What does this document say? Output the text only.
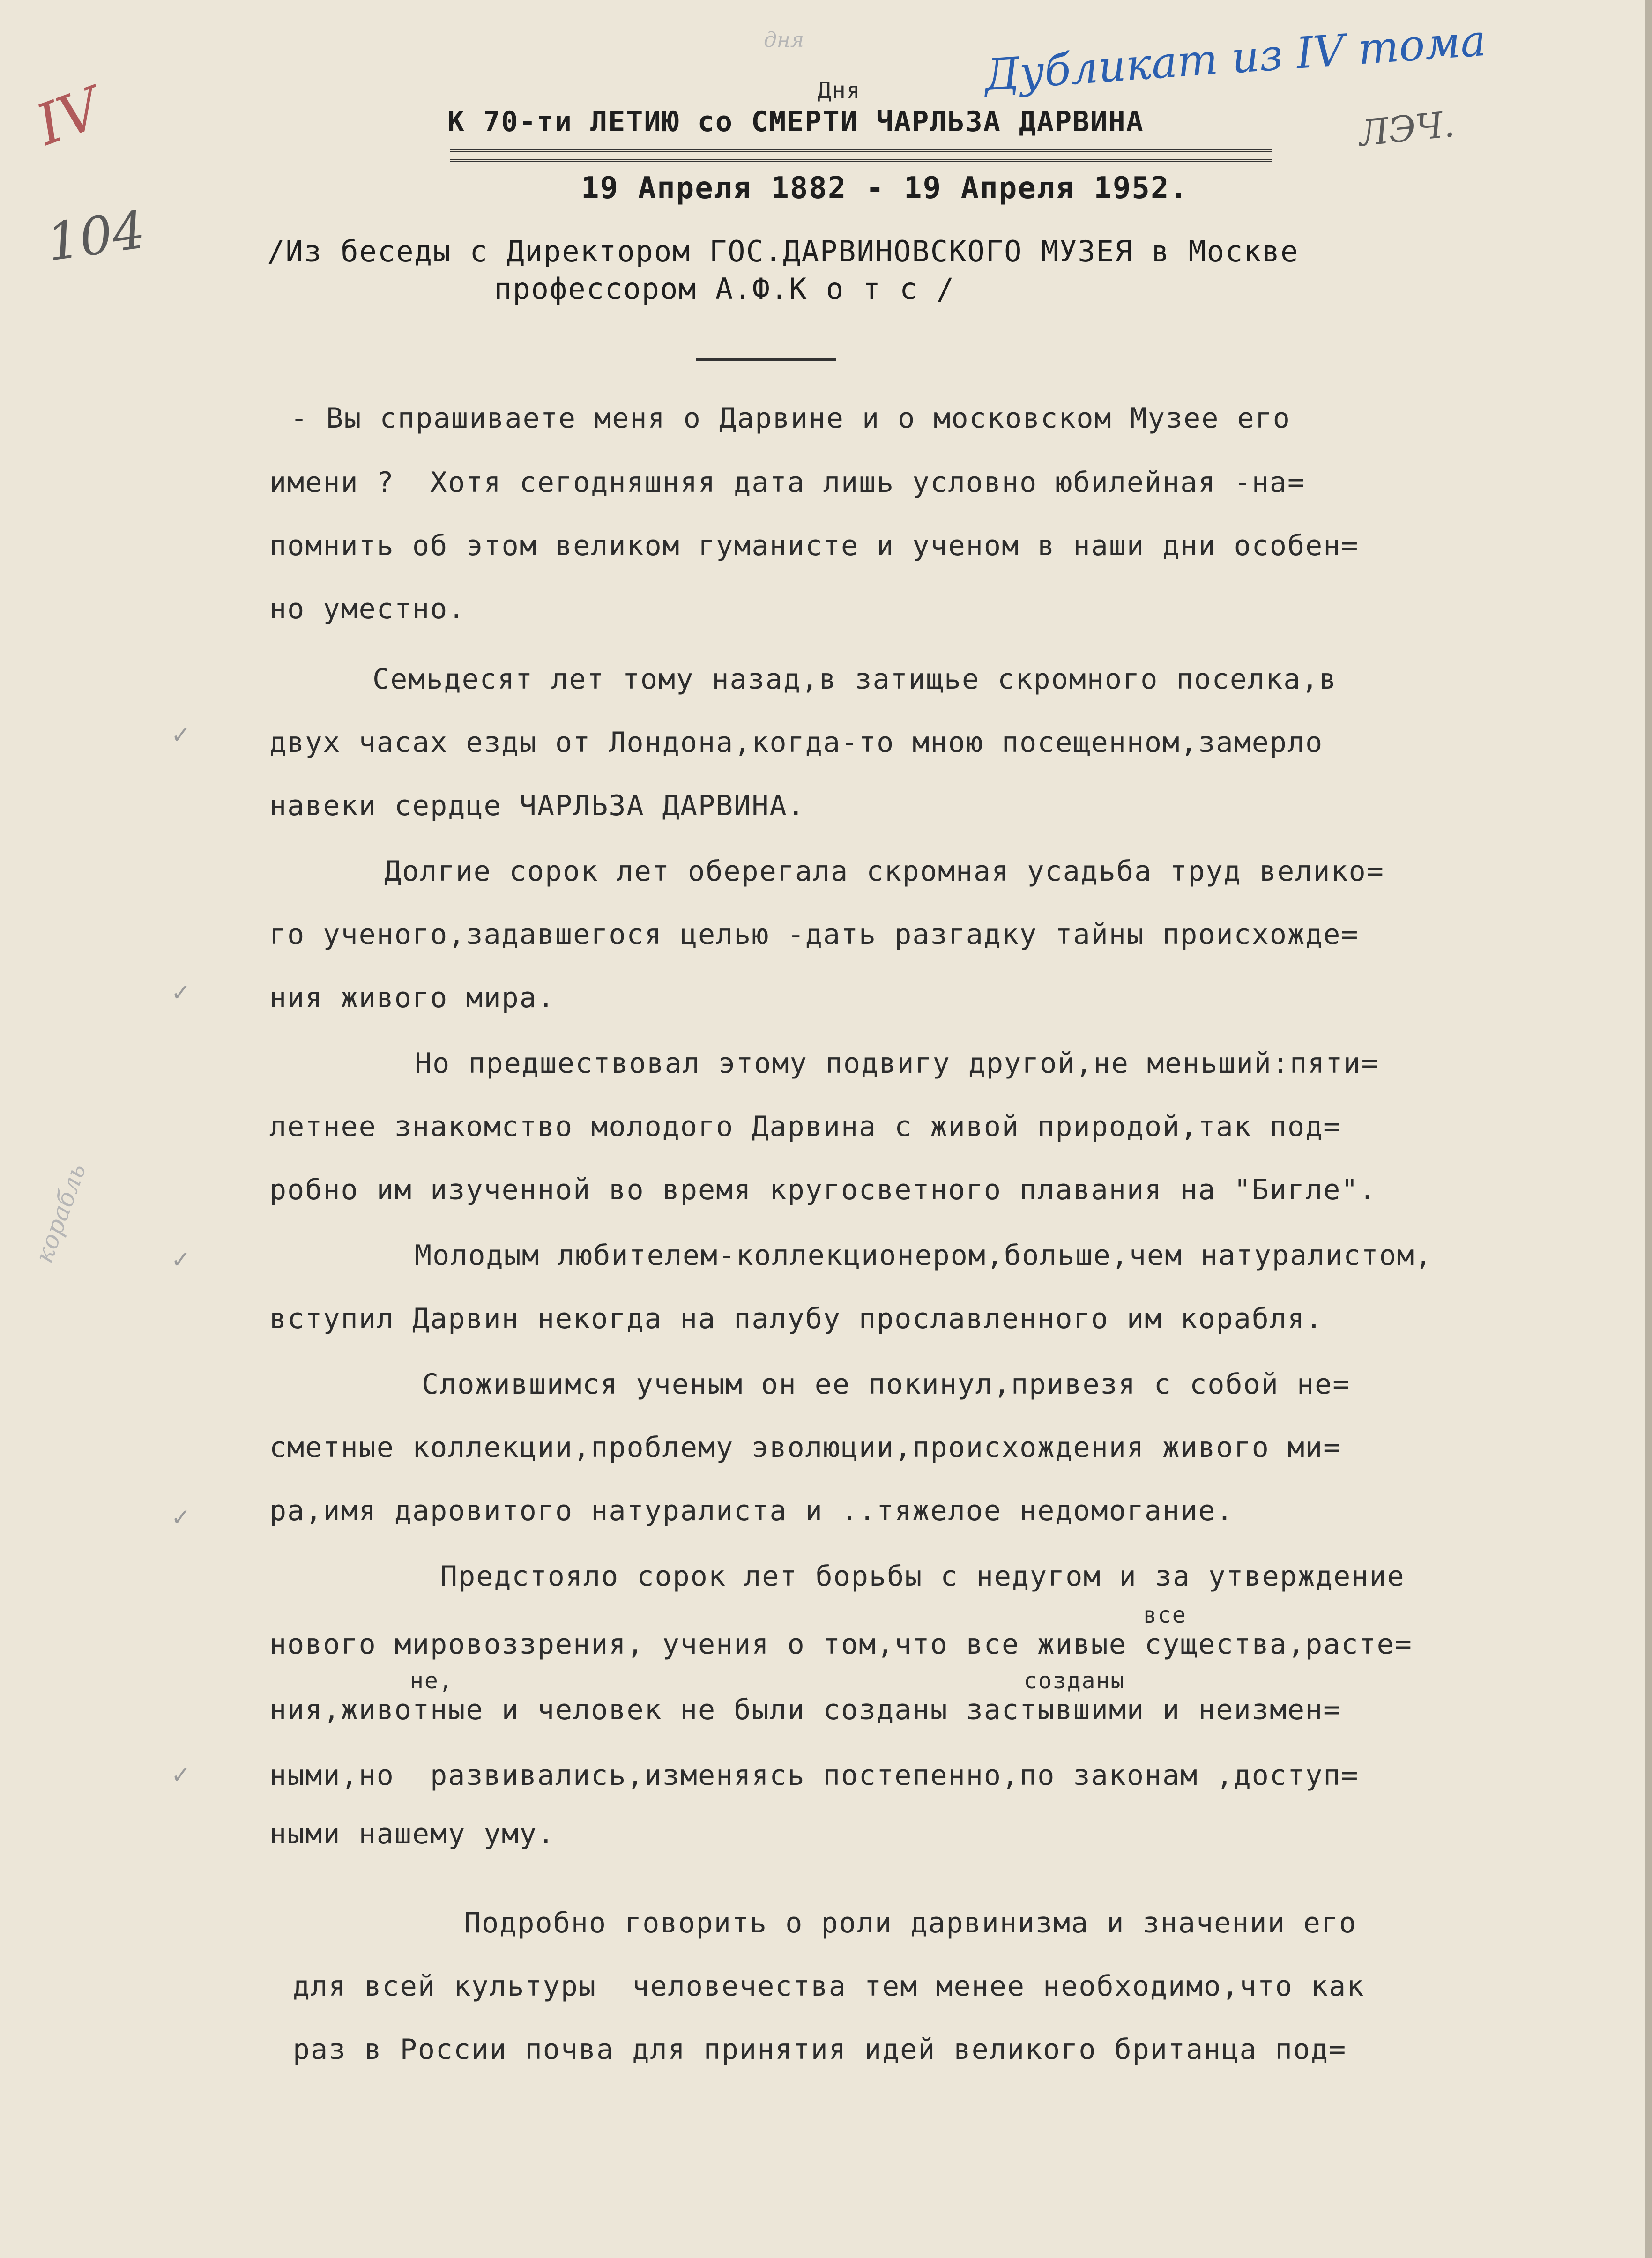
Дубликат из IV тома
ЛЭЧ.
IV
104
дня
корабль
✓
✓
✓
✓
✓
Дня
К 70-ти ЛЕТИЮ со СМЕРТИ ЧАРЛЬЗА ДАРВИНА
19 Апреля 1882 - 19 Апреля 1952.
/Из беседы с Директором ГОС.ДАРВИНОВСКОГО МУЗЕЯ в Москве
профессором А.Ф.К о т с /
- Вы спрашиваете меня о Дарвине и о московском Музее его
имени ?  Хотя сегодняшняя дата лишь условно юбилейная -на=
помнить об этом великом гуманисте и ученом в наши дни особен=
но уместно.
Семьдесят лет тому назад,в затищье скромного поселка,в
двух часах езды от Лондона,когда-то мною посещенном,замерло
навеки сердце ЧАРЛЬЗА ДАРВИНА.
Долгие сорок лет оберегала скромная усадьба труд велико=
го ученого,задавшегося целью -дать разгадку тайны происхожде=
ния живого мира.
Но предшествовал этому подвигу другой,не меньший:пяти=
летнее знакомство молодого Дарвина с живой природой,так под=
робно им изученной во время кругосветного плавания на "Бигле".
Молодым любителем-коллекционером,больше,чем натуралистом,
вступил Дарвин некогда на палубу прославленного им корабля.
Сложившимся ученым он ее покинул,привезя с собой не=
сметные коллекции,проблему эволюции,происхождения живого ми=
ра,имя даровитого натуралиста и ..тяжелое недомогание.
Предстояло сорок лет борьбы с недугом и за утверждение
все
нового мировоззрения, учения о том,что все живые существа,расте=
не,	созданы
ния,животные и человек не были созданы застывшими и неизмен=
ными,но  развивались,изменяясь постепенно,по законам ,доступ=
ными нашему уму.
Подробно говорить о роли дарвинизма и значении его
для всей культуры  человечества тем менее необходимо,что как
раз в России почва для принятия идей великого британца под=
